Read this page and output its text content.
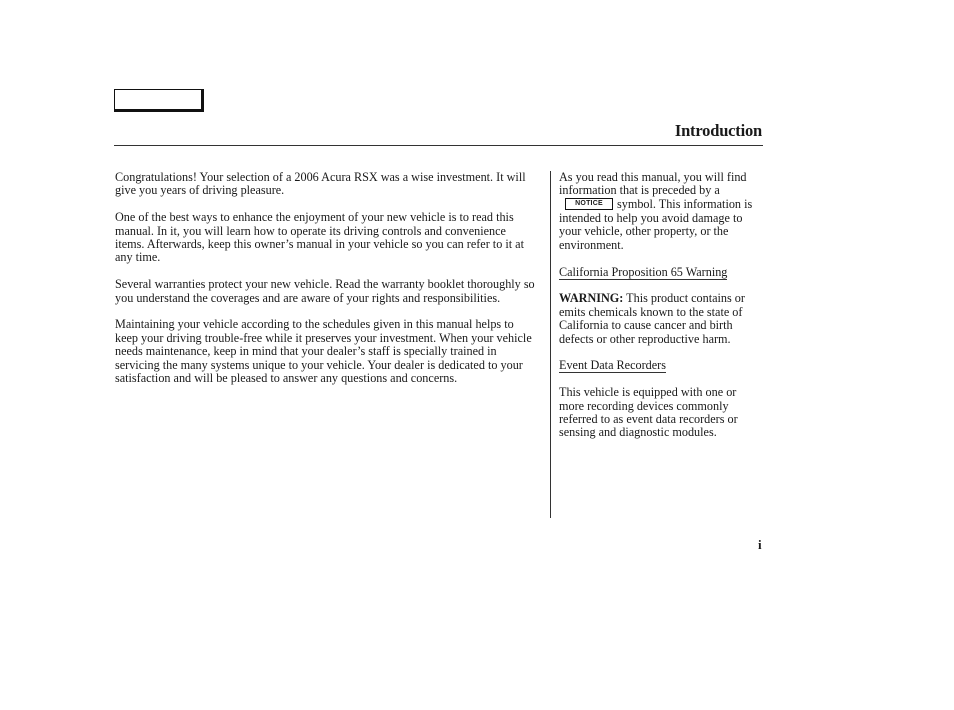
Introduction

Congratulations! Your selection of a 2006 Acura RSX was a wise investment. It will give you years of driving pleasure.

One of the best ways to enhance the enjoyment of your new vehicle is to read this manual. In it, you will learn how to operate its driving controls and convenience items. Afterwards, keep this owner’s manual in your vehicle so you can refer to it at any time.

Several warranties protect your new vehicle. Read the warranty booklet thoroughly so you understand the coverages and are aware of your rights and responsibilities.

Maintaining your vehicle according to the schedules given in this manual helps to keep your driving trouble-free while it preserves your investment. When your vehicle needs maintenance, keep in mind that your dealer’s staff is specially trained in servicing the many systems unique to your vehicle. Your dealer is dedicated to your satisfaction and will be pleased to answer any questions and concerns.

As you read this manual, you will find information that is preceded by aNOTICE symbol. This information is intended to help you avoid damage to your vehicle, other property, or the environment.

California Proposition 65 Warning

WARNING: This product contains or emits chemicals known to the state of California to cause cancer and birth defects or other reproductive harm.

Event Data Recorders

This vehicle is equipped with one or more recording devices commonly referred to as event data recorders or sensing and diagnostic modules.

i
